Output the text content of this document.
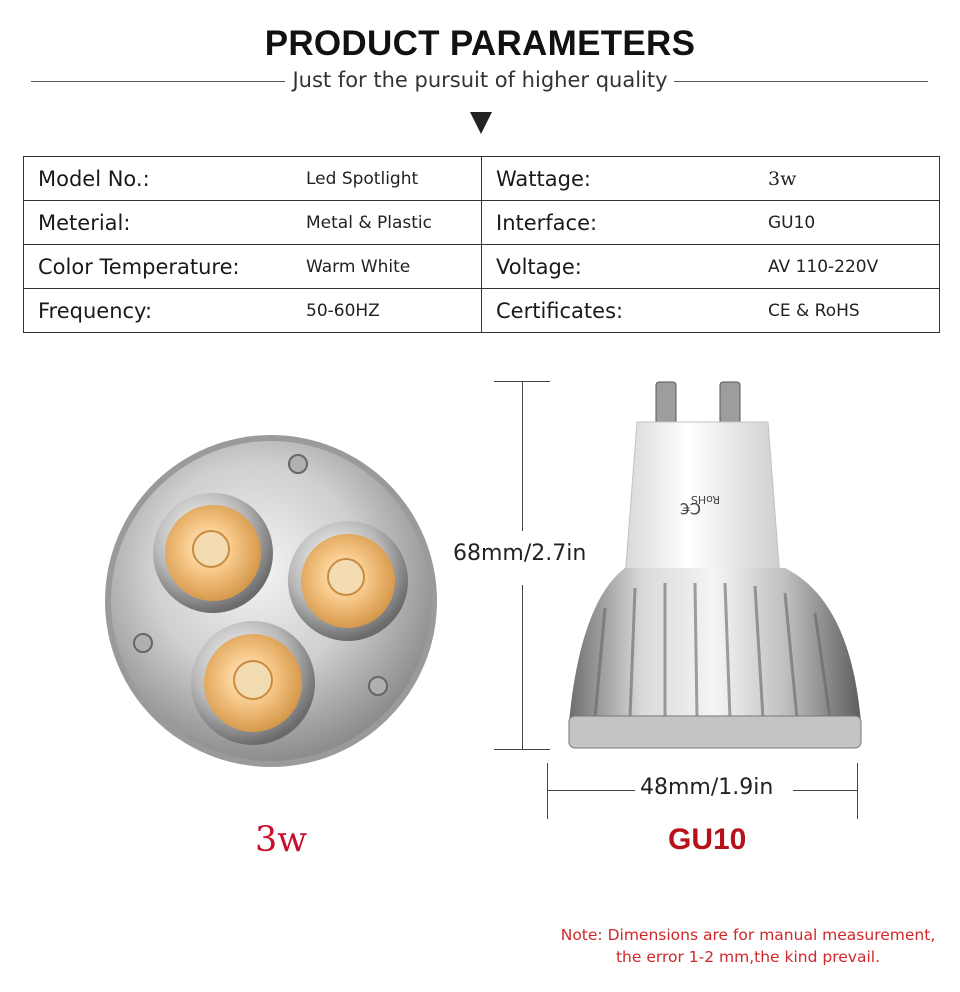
PRODUCT PARAMETERS
Just for the pursuit of higher quality
Model No.: Led Spotlight	Wattage: 3w

Meterial: Metal & Plastic	Interface: GU10

Color Temperature: Warm White	Voltage: AV 110-220V

Frequency: 50-60HZ	Certificates: CE & RoHS
RoHS
C€
68mm/2.7in
48mm/1.9in
3w	GU10
Note: Dimensions are for manual measurement,
the error 1-2 mm,the kind prevail.
